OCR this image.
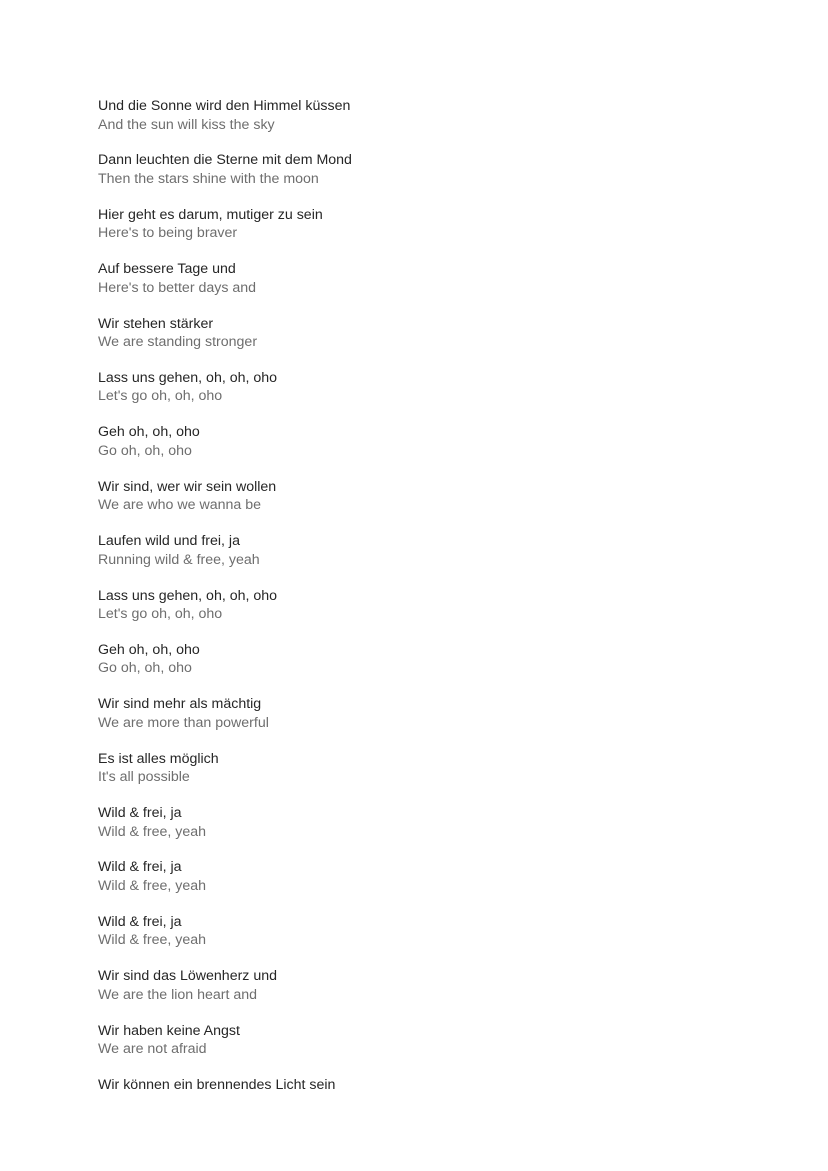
Und die Sonne wird den Himmel küssen
And the sun will kiss the sky
Dann leuchten die Sterne mit dem Mond
Then the stars shine with the moon
Hier geht es darum, mutiger zu sein
Here's to being braver
Auf bessere Tage und
Here's to better days and
Wir stehen stärker
We are standing stronger
Lass uns gehen, oh, oh, oho
Let's go oh, oh, oho
Geh oh, oh, oho
Go oh, oh, oho
Wir sind, wer wir sein wollen
We are who we wanna be
Laufen wild und frei, ja
Running wild & free, yeah
Lass uns gehen, oh, oh, oho
Let's go oh, oh, oho
Geh oh, oh, oho
Go oh, oh, oho
Wir sind mehr als mächtig
We are more than powerful
Es ist alles möglich
It's all possible
Wild & frei, ja
Wild & free, yeah
Wild & frei, ja
Wild & free, yeah
Wild & frei, ja
Wild & free, yeah
Wir sind das Löwenherz und
We are the lion heart and
Wir haben keine Angst
We are not afraid
Wir können ein brennendes Licht sein
